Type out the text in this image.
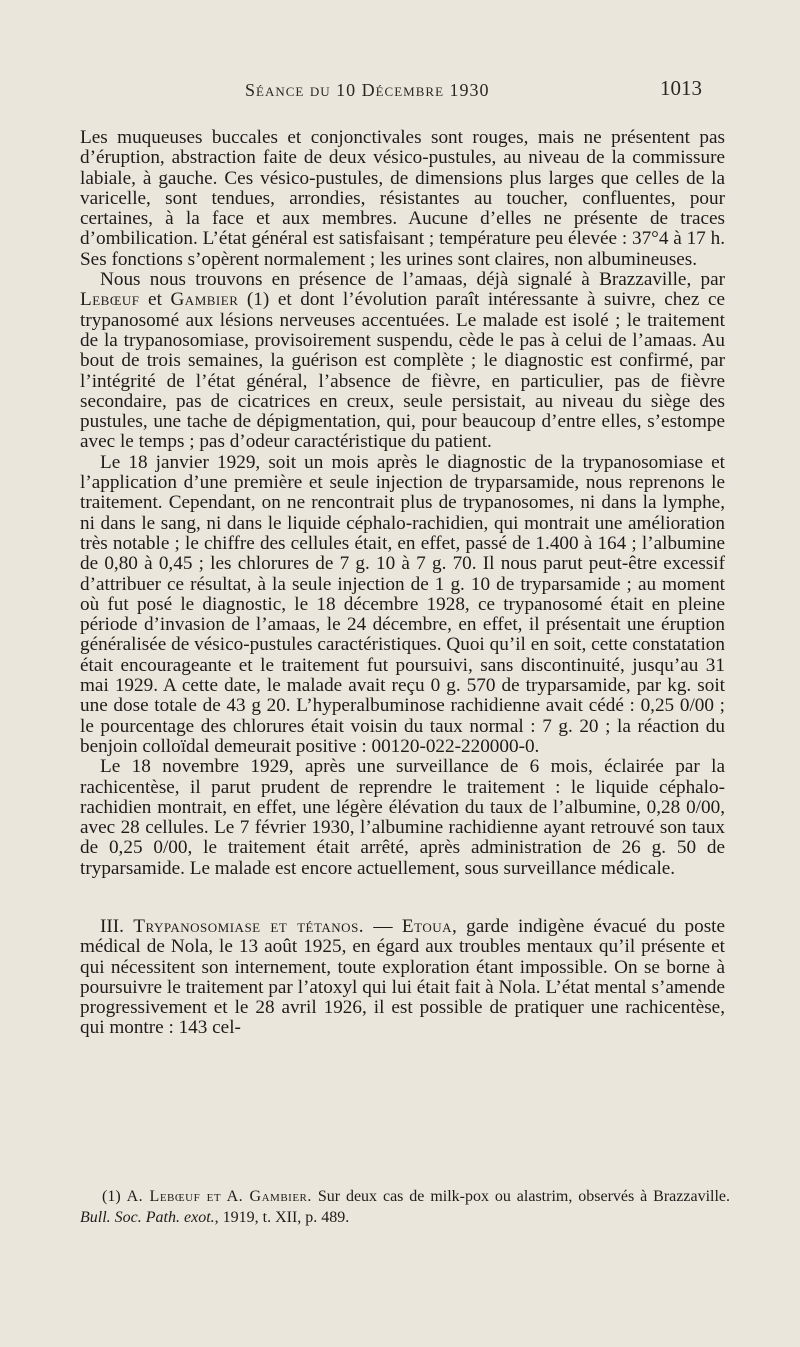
Séance du 10 Décembre 1930	1013

Les muqueuses buccales et conjonctivales sont rouges, mais ne présentent pas d’éruption, abstraction faite de deux vésico-pustules, au niveau de la commissure labiale, à gauche. Ces vésico-pustules, de dimensions plus larges que celles de la varicelle, sont tendues, arrondies, résistantes au toucher, confluentes, pour certaines, à la face et aux membres. Aucune d’elles ne présente de traces d’ombilication. L’état général est satisfaisant ; température peu élevée : 37°4 à 17 h. Ses fonctions s’opèrent normalement ; les urines sont claires, non albumineuses.

Nous nous trouvons en présence de l’amaas, déjà signalé à Brazzaville, par Lebœuf et Gambier (1) et dont l’évolution paraît intéressante à suivre, chez ce trypanosomé aux lésions nerveuses accentuées. Le malade est isolé ; le traitement de la trypanosomiase, provisoirement suspendu, cède le pas à celui de l’amaas. Au bout de trois semaines, la guérison est complète ; le diagnostic est confirmé, par l’intégrité de l’état général, l’absence de fièvre, en particulier, pas de fièvre secondaire, pas de cicatrices en creux, seule persistait, au niveau du siège des pustules, une tache de dépigmentation, qui, pour beaucoup d’entre elles, s’estompe avec le temps ; pas d’odeur caractéristique du patient.

Le 18 janvier 1929, soit un mois après le diagnostic de la trypanosomiase et l’application d’une première et seule injection de tryparsamide, nous reprenons le traitement. Cependant, on ne rencontrait plus de trypanosomes, ni dans la lymphe, ni dans le sang, ni dans le liquide céphalo-rachidien, qui montrait une amélioration très notable ; le chiffre des cellules était, en effet, passé de 1.400 à 164 ; l’albumine de 0,80 à 0,45 ; les chlorures de 7 g. 10 à 7 g. 70. Il nous parut peut-être excessif d’attribuer ce résultat, à la seule injection de 1 g. 10 de tryparsamide ; au moment où fut posé le diagnostic, le 18 décembre 1928, ce trypanosomé était en pleine période d’invasion de l’amaas, le 24 décembre, en effet, il présentait une éruption généralisée de vésico-pustules caractéristiques. Quoi qu’il en soit, cette constatation était encourageante et le traitement fut poursuivi, sans discontinuité, jusqu’au 31 mai 1929. A cette date, le malade avait reçu 0 g. 570 de tryparsamide, par kg. soit une dose totale de 43 g 20. L’hyperalbuminose rachidienne avait cédé : 0,25 0/00 ; le pourcentage des chlorures était voisin du taux normal : 7 g. 20 ; la réaction du benjoin colloïdal demeurait positive : 00120-022-220000-0.

Le 18 novembre 1929, après une surveillance de 6 mois, éclairée par la rachicentèse, il parut prudent de reprendre le traitement : le liquide céphalo-rachidien montrait, en effet, une légère élévation du taux de l’albumine, 0,28 0/00, avec 28 cellules. Le 7 février 1930, l’albumine rachidienne ayant retrouvé son taux de 0,25 0/00, le traitement était arrêté, après administration de 26 g. 50 de tryparsamide. Le malade est encore actuellement, sous surveillance médicale.

III. Trypanosomiase et tétanos. — Etoua, garde indigène évacué du poste médical de Nola, le 13 août 1925, en égard aux troubles mentaux qu’il présente et qui nécessitent son internement, toute exploration étant impossible. On se borne à poursuivre le traitement par l’atoxyl qui lui était fait à Nola. L’état mental s’amende progressivement et le 28 avril 1926, il est possible de pratiquer une rachicentèse, qui montre : 143 cel-

(1) A. Lebœuf et A. Gambier. Sur deux cas de milk-pox ou alastrim, observés à Brazzaville. Bull. Soc. Path. exot., 1919, t. XII, p. 489.
